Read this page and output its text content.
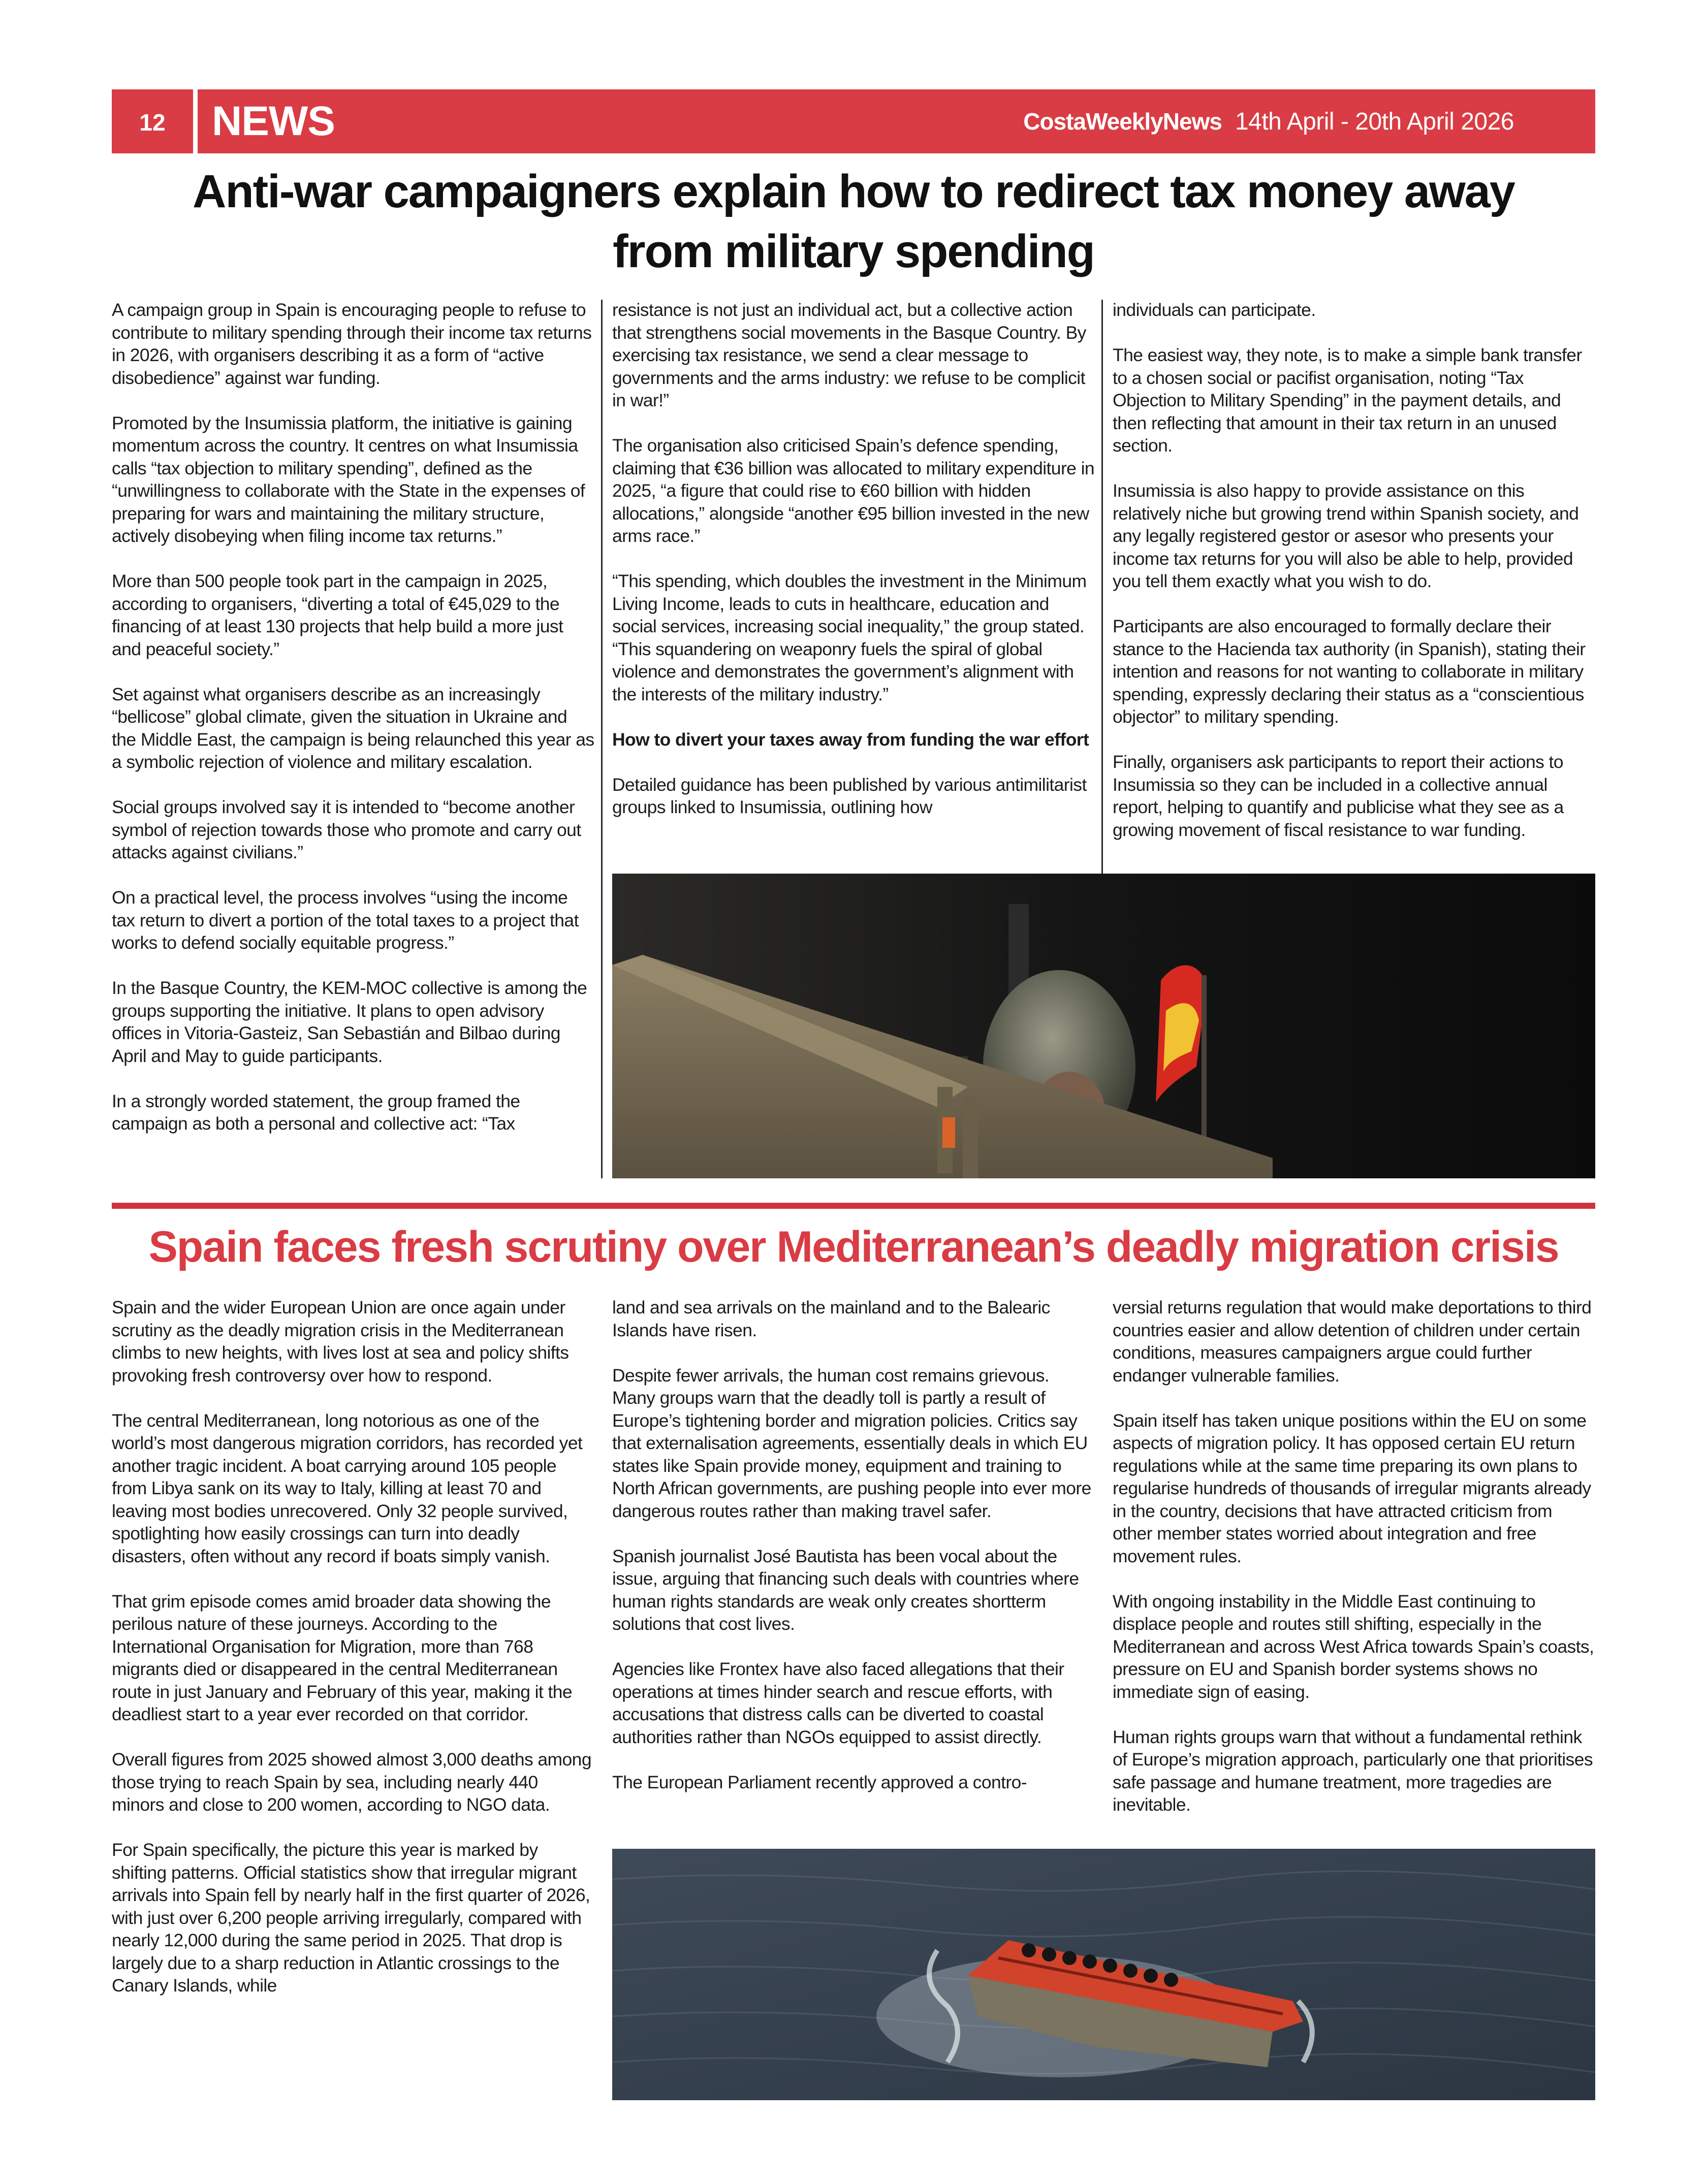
12	NEWS	CostaWeeklyNews 14th April - 20th April 2026
Anti-war campaigners explain how to redirect tax money away
from military spending

A campaign group in Spain is encouraging people to refuse to contribute to military spending through their income tax returns in 2026, with organisers describing it as a form of “active disobedience” against war funding.

Promoted by the Insumissia platform, the initiative is gaining momentum across the country. It centres on what Insumissia calls “tax objection to military spending”, defined as the “unwillingness to collaborate with the State in the expenses of preparing for wars and maintaining the military structure, actively disobeying when filing income tax returns.”

More than 500 people took part in the campaign in 2025, according to organisers, “diverting a total of €45,029 to the financing of at least 130 projects that help build a more just and peaceful society.”

Set against what organisers describe as an increasingly “bellicose” global climate, given the situation in Ukraine and the Middle East, the campaign is being relaunched this year as a symbolic rejection of violence and military escalation.

Social groups involved say it is intended to “become another symbol of rejection towards those who promote and carry out attacks against civilians.”

On a practical level, the process involves “using the income tax return to divert a portion of the total taxes to a project that works to defend socially equitable progress.”

In the Basque Country, the KEM-MOC collective is among the groups supporting the initiative. It plans to open advisory offices in Vitoria-Gasteiz, San Sebastián and Bilbao during April and May to guide participants.

In a strongly worded statement, the group framed the campaign as both a personal and collective act: “Tax

resistance is not just an individual act, but a collective action that strengthens social movements in the Basque Country. By exercising tax resistance, we send a clear message to governments and the arms industry: we refuse to be complicit in war!”

The organisation also criticised Spain’s defence spending, claiming that €36 billion was allocated to military expenditure in 2025, “a figure that could rise to €60 billion with hidden allocations,” alongside “another €95 billion invested in the new arms race.”

“This spending, which doubles the investment in the Minimum Living Income, leads to cuts in healthcare, education and social services, increasing social inequality,” the group stated. “This squandering on weaponry fuels the spiral of global violence and demonstrates the government’s alignment with the interests of the military industry.”

How to divert your taxes away from funding the war effort

Detailed guidance has been published by various antimilitarist groups linked to Insumissia, outlining how

individuals can participate.

The easiest way, they note, is to make a simple bank transfer to a chosen social or pacifist organisation, noting “Tax Objection to Military Spending” in the payment details, and then reflecting that amount in their tax return in an unused section.

Insumissia is also happy to provide assistance on this relatively niche but growing trend within Spanish society, and any legally registered gestor or asesor who presents your income tax returns for you will also be able to help, provided you tell them exactly what you wish to do.

Participants are also encouraged to formally declare their stance to the Hacienda tax authority (in Spanish), stating their intention and reasons for not wanting to collaborate in military spending, expressly declaring their status as a “conscientious objector” to military spending.

Finally, organisers ask participants to report their actions to Insumissia so they can be included in a collective annual report, helping to quantify and publicise what they see as a growing movement of fiscal resistance to war funding.

Spain faces fresh scrutiny over Mediterranean’s deadly migration crisis

Spain and the wider European Union are once again under scrutiny as the deadly migration crisis in the Mediterranean climbs to new heights, with lives lost at sea and policy shifts provoking fresh controversy over how to respond.

The central Mediterranean, long notorious as one of the world’s most dangerous migration corridors, has recorded yet another tragic incident. A boat carrying around 105 people from Libya sank on its way to Italy, killing at least 70 and leaving most bodies unrecovered. Only 32 people survived, spotlighting how easily crossings can turn into deadly disasters, often without any record if boats simply vanish.

That grim episode comes amid broader data showing the perilous nature of these journeys. According to the International Organisation for Migration, more than 768 migrants died or disappeared in the central Mediterranean route in just January and February of this year, making it the deadliest start to a year ever recorded on that corridor.

Overall figures from 2025 showed almost 3,000 deaths among those trying to reach Spain by sea, including nearly 440 minors and close to 200 women, according to NGO data.

For Spain specifically, the picture this year is marked by shifting patterns. Official statistics show that irregular migrant arrivals into Spain fell by nearly half in the first quarter of 2026, with just over 6,200 people arriving irregularly, compared with nearly 12,000 during the same period in 2025. That drop is largely due to a sharp reduction in Atlantic crossings to the Canary Islands, while

land and sea arrivals on the mainland and to the Balearic Islands have risen.

Despite fewer arrivals, the human cost remains grievous. Many groups warn that the deadly toll is partly a result of Europe’s tightening border and migration policies. Critics say that externalisation agreements, essentially deals in which EU states like Spain provide money, equipment and training to North African governments, are pushing people into ever more dangerous routes rather than making travel safer.

Spanish journalist José Bautista has been vocal about the issue, arguing that financing such deals with countries where human rights standards are weak only creates shortterm solutions that cost lives.

Agencies like Frontex have also faced allegations that their operations at times hinder search and rescue efforts, with accusations that distress calls can be diverted to coastal authorities rather than NGOs equipped to assist directly.

The European Parliament recently approved a contro-

versial returns regulation that would make deportations to third countries easier and allow detention of children under certain conditions, measures campaigners argue could further endanger vulnerable families.

Spain itself has taken unique positions within the EU on some aspects of migration policy. It has opposed certain EU return regulations while at the same time preparing its own plans to regularise hundreds of thousands of irregular migrants already in the country, decisions that have attracted criticism from other member states worried about integration and free movement rules.

With ongoing instability in the Middle East continuing to displace people and routes still shifting, especially in the Mediterranean and across West Africa towards Spain’s coasts, pressure on EU and Spanish border systems shows no immediate sign of easing.

Human rights groups warn that without a fundamental rethink of Europe’s migration approach, particularly one that prioritises safe passage and humane treatment, more tragedies are inevitable.
